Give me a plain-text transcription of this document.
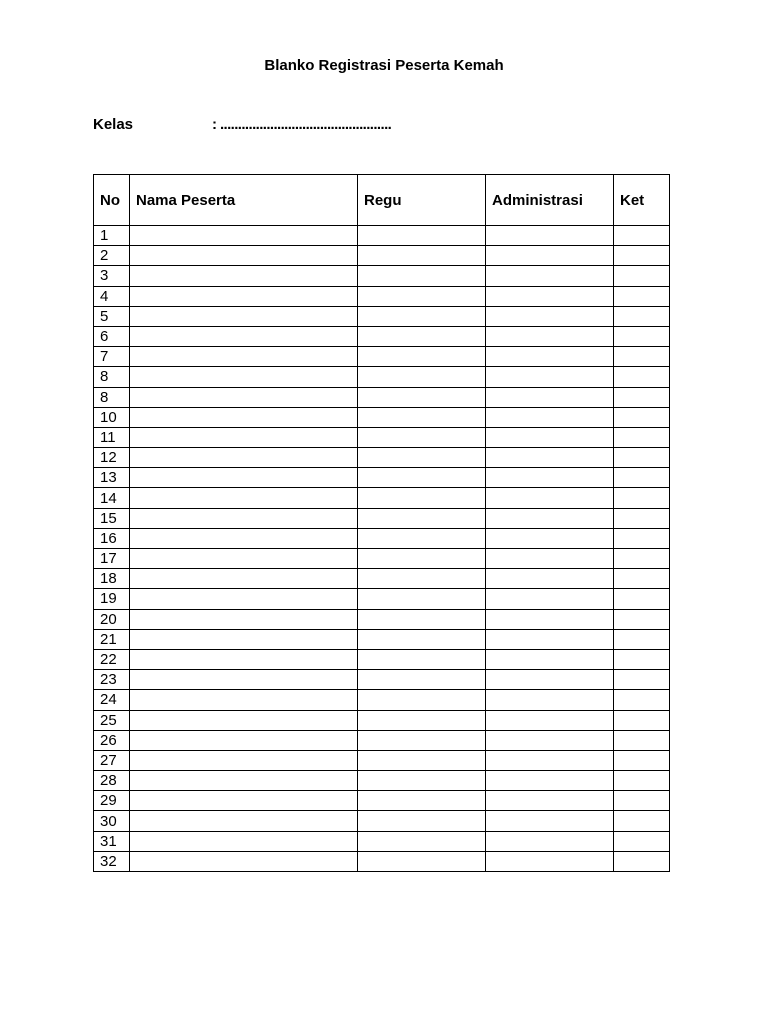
Blanko Registrasi Peserta Kemah
Kelas	: ................................................
No	Nama Peserta	Regu	Administrasi	Ket
1				
2				
3				
4				
5				
6				
7				
8				
8				
10				
11				
12				
13				
14				
15				
16				
17				
18				
19				
20				
21				
22				
23				
24				
25				
26				
27				
28				
29				
30				
31				
32				
